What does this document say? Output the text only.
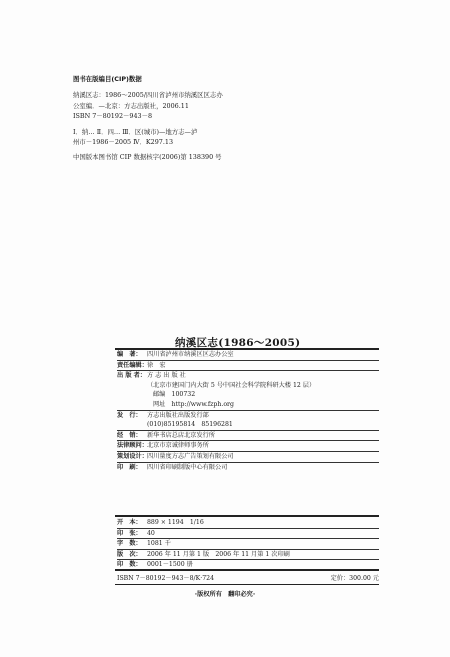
图书在版编目(CIP)数据
纳溪区志：1986～2005/四川省泸州市纳溪区区志办
公室编．—北京：方志出版社，2006.11
ISBN 7－80192－943－8
Ⅰ．纳… Ⅱ．四… Ⅲ．区(城市)—地方志—泸
州市－1986－2005 Ⅳ．K297.13
中国版本图书馆 CIP 数据核字(2006)第 138390 号
纳溪区志(1986～2005)
编　著： 四川省泸州市纳溪区区志办公室
责任编辑： 徐　宏
出 版 者： 方 志 出 版 社
（北京市建国门内大街 5 号中国社会科学院科研大楼 12 层）
邮编　100732
网址　http://www.fzph.org
发　行： 方志出版社出版发行部
(010)85195814　85196281
经　销： 新华书店总店北京发行所
法律顾问： 北京市京诚律师事务所
策划设计： 四川量度方志广告策划有限公司
印　刷： 四川省印刷制版中心有限公司
开　本： 889 × 1194　1/16
印　张： 40
字　数： 1081 千
版　次： 2006 年 11 月第 1 版　2006 年 11 月第 1 次印刷
印　数： 0001－1500 册
ISBN 7－80192－943－8/K·724	定价：300.00 元
·版权所有　翻印必究·
